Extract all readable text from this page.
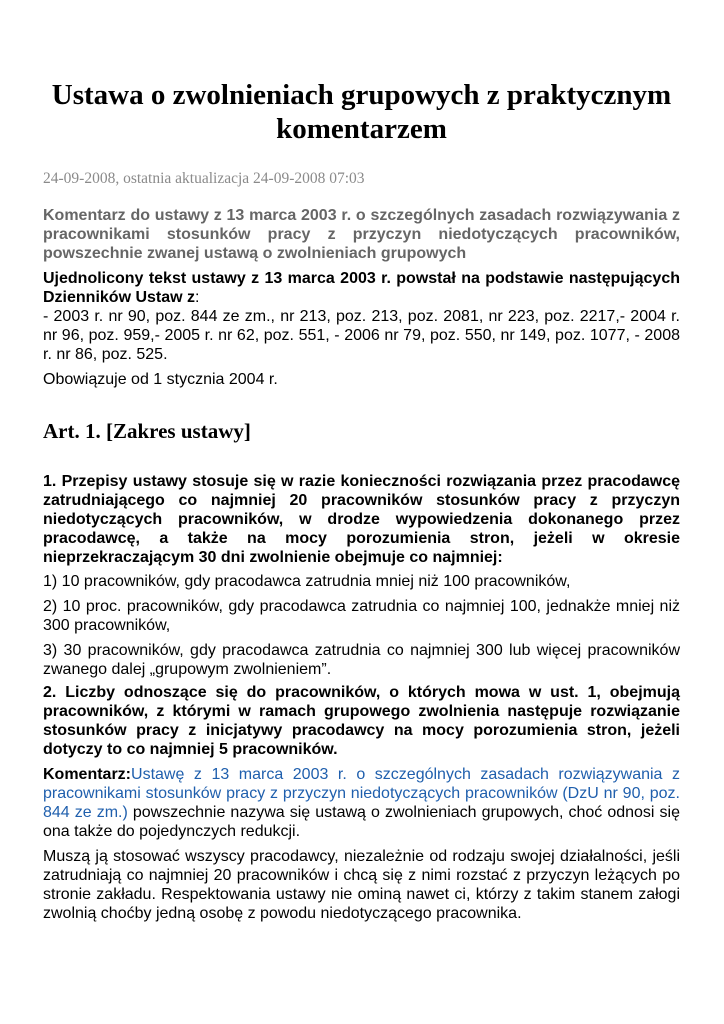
Ustawa o zwolnieniach grupowych z praktycznym komentarzem
24-09-2008, ostatnia aktualizacja 24-09-2008 07:03
Komentarz do ustawy z 13 marca 2003 r. o szczególnych zasadach rozwiązywania z pracownikami stosunków pracy z przyczyn niedotyczących pracowników, powszechnie zwanej ustawą o zwolnieniach grupowych

Ujednolicony tekst ustawy z 13 marca 2003 r. powstał na podstawie następujących Dzienników Ustaw z:

- 2003 r. nr 90, poz. 844 ze zm., nr 213, poz. 213, poz. 2081, nr 223, poz. 2217,- 2004 r. nr 96, poz. 959,- 2005 r. nr 62, poz. 551, - 2006 nr 79, poz. 550, nr 149, poz. 1077, - 2008 r. nr 86, poz. 525.

Obowiązuje od 1 stycznia 2004 r.

Art. 1. [Zakres ustawy]

1. Przepisy ustawy stosuje się w razie konieczności rozwiązania przez pracodawcę zatrudniającego co najmniej 20 pracowników stosunków pracy z przyczyn niedotyczących pracowników, w drodze wypowiedzenia dokonanego przez pracodawcę, a także na mocy porozumienia stron, jeżeli w okresie nieprzekraczającym 30 dni zwolnienie obejmuje co najmniej:

1) 10 pracowników, gdy pracodawca zatrudnia mniej niż 100 pracowników,

2) 10 proc. pracowników, gdy pracodawca zatrudnia co najmniej 100, jednakże mniej niż 300 pracowników,

3) 30 pracowników, gdy pracodawca zatrudnia co najmniej 300 lub więcej pracowników zwanego dalej „grupowym zwolnieniem”.

2. Liczby odnoszące się do pracowników, o których mowa w ust. 1, obejmują pracowników, z którymi w ramach grupowego zwolnienia następuje rozwiązanie stosunków pracy z inicjatywy pracodawcy na mocy porozumienia stron, jeżeli dotyczy to co najmniej 5 pracowników.

Komentarz:Ustawę z 13 marca 2003 r. o szczególnych zasadach rozwiązywania z pracownikami stosunków pracy z przyczyn niedotyczących pracowników (DzU nr 90, poz. 844 ze zm.) powszechnie nazywa się ustawą o zwolnieniach grupowych, choć odnosi się ona także do pojedynczych redukcji.

Muszą ją stosować wszyscy pracodawcy, niezależnie od rodzaju swojej działalności, jeśli zatrudniają co najmniej 20 pracowników i chcą się z nimi rozstać z przyczyn leżących po stronie zakładu. Respektowania ustawy nie ominą nawet ci, którzy z takim stanem załogi zwolnią choćby jedną osobę z powodu niedotyczącego pracownika.
